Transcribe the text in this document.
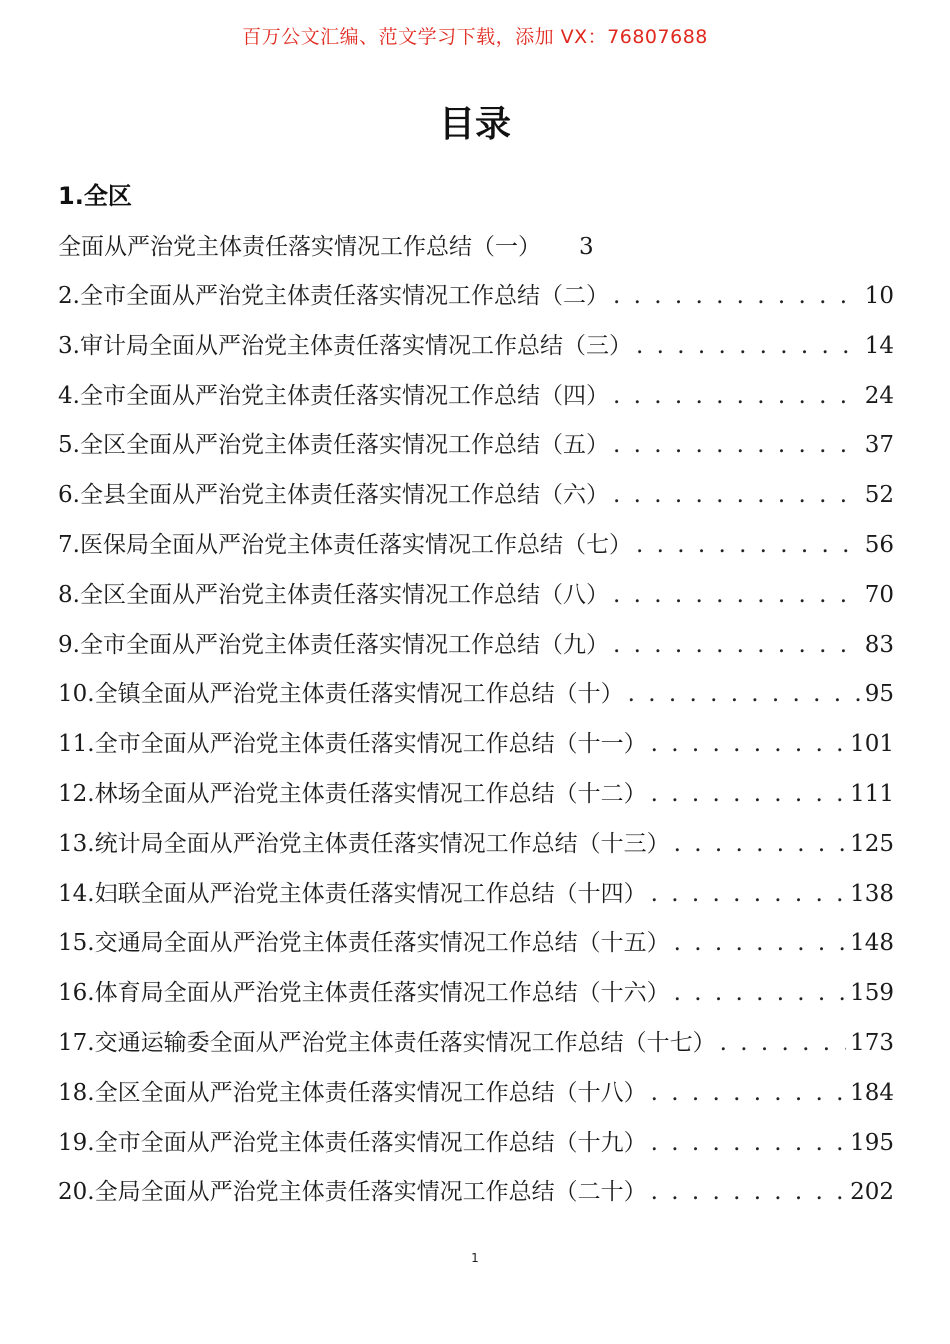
百万公文汇编、范文学习下载，添加 VX：76807688
目录
1.全区
全面从严治党主体责任落实情况工作总结（一） 3
2.全市全面从严治党主体责任落实情况工作总结（二） . . .	10
3.审计局全面从严治党主体责任落实情况工作总结（三） . . .	14
4.全市全面从严治党主体责任落实情况工作总结（四） . . .	24
5.全区全面从严治党主体责任落实情况工作总结（五） . . .	37
6.全县全面从严治党主体责任落实情况工作总结（六） . . .	52
7.医保局全面从严治党主体责任落实情况工作总结（七） . . .	56
8.全区全面从严治党主体责任落实情况工作总结（八） . . .	70
9.全市全面从严治党主体责任落实情况工作总结（九） . . .	83
10.全镇全面从严治党主体责任落实情况工作总结（十） . . .	95
11.全市全面从严治党主体责任落实情况工作总结（十一） . . .	101
12.林场全面从严治党主体责任落实情况工作总结（十二） . . .	111
13.统计局全面从严治党主体责任落实情况工作总结（十三） . . .	125
14.妇联全面从严治党主体责任落实情况工作总结（十四） . . .	138
15.交通局全面从严治党主体责任落实情况工作总结（十五） . . .	148
16.体育局全面从严治党主体责任落实情况工作总结（十六） . . .	159
17.交通运输委全面从严治党主体责任落实情况工作总结（十七） . . .	173
18.全区全面从严治党主体责任落实情况工作总结（十八） . . .	184
19.全市全面从严治党主体责任落实情况工作总结（十九） . . .	195
20.全局全面从严治党主体责任落实情况工作总结（二十） . . .	202
1
